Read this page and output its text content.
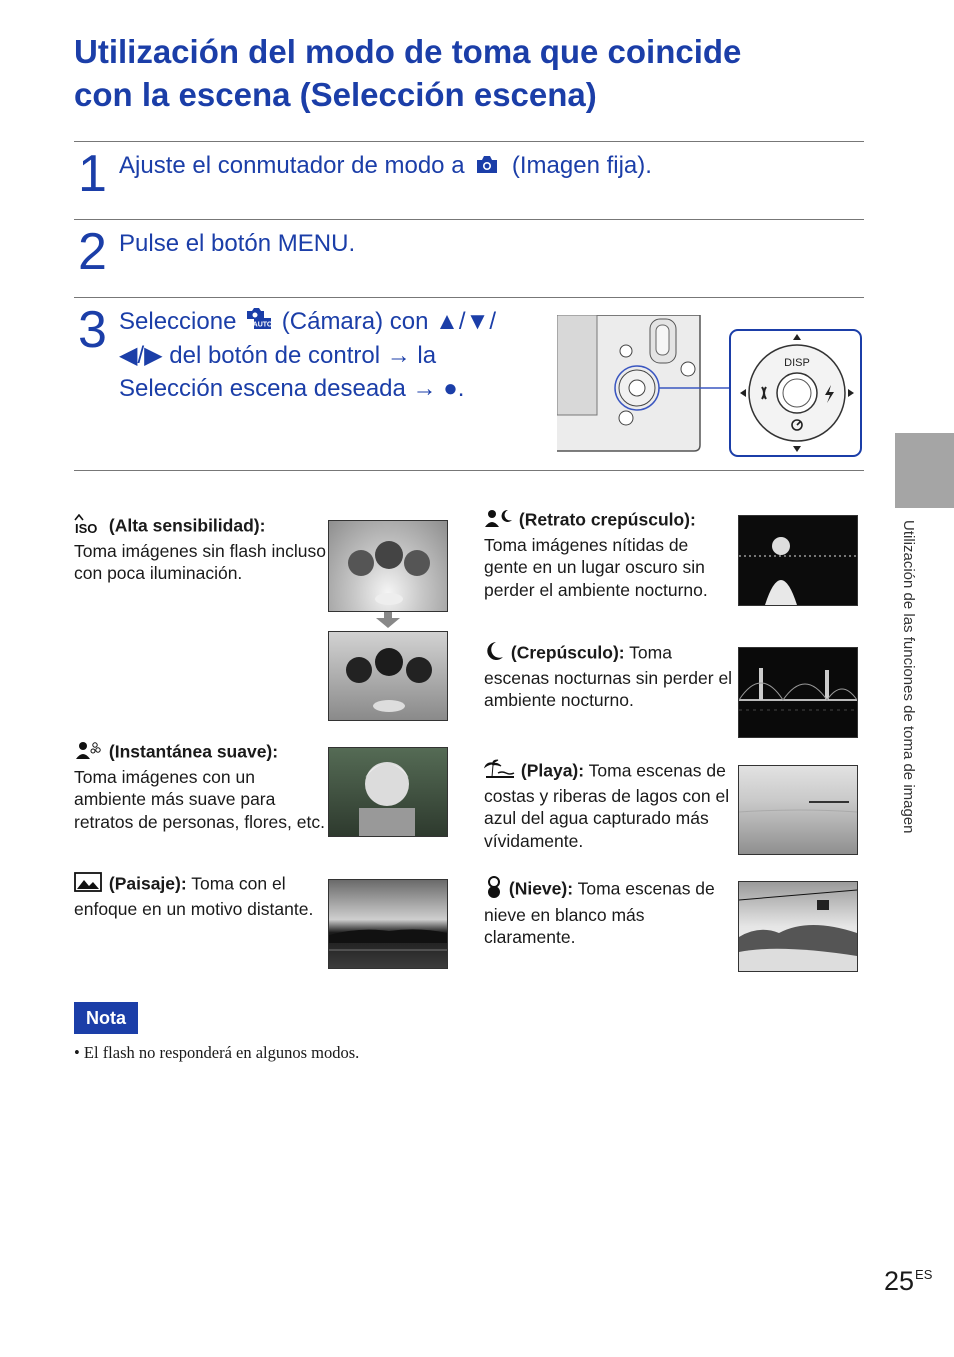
Utilización del modo de toma que coincide
con la escena (Selección escena)
1 Ajuste el conmutador de modo a (Imagen fija).
2 Pulse el botón MENU.
3 Seleccione AUTO (Cámara) con ▲/▼/
◀/▶ del botón de control → la
Selección escena deseada → ●.
DISP
ISO (Alta sensibilidad):
Toma imágenes sin flash incluso con poca iluminación.
(Instantánea suave):
Toma imágenes con un ambiente más suave para retratos de personas, flores, etc.
(Paisaje): Toma con el enfoque en un motivo distante.
(Retrato crepúsculo):
Toma imágenes nítidas de gente en un lugar oscuro sin perder el ambiente nocturno.
(Crepúsculo): Toma escenas nocturnas sin perder el ambiente nocturno.
(Playa): Toma escenas de costas y riberas de lagos con el azul del agua capturado más vívidamente.
(Nieve): Toma escenas de nieve en blanco más claramente.
Nota
• El flash no responderá en algunos modos.
Utilización de las funciones de toma de imagen
$25^{ES}$
